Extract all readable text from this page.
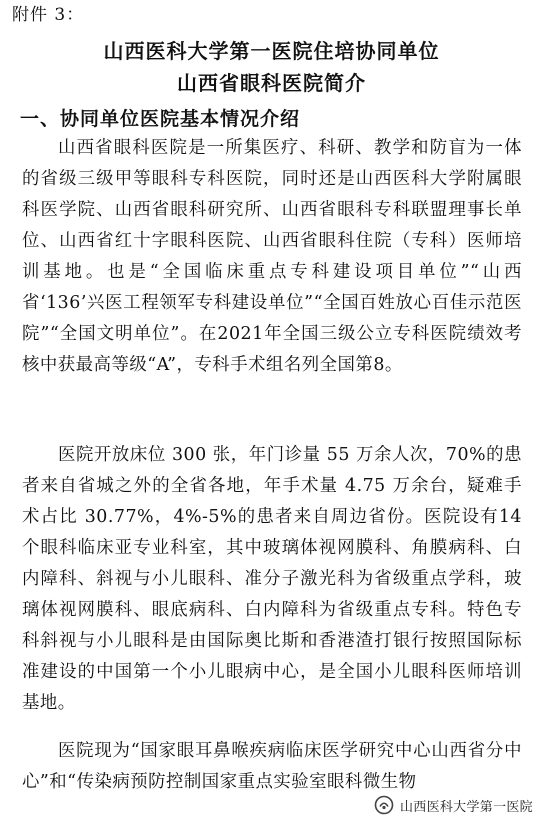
附件 3：
山西医科大学第一医院住培协同单位
山西省眼科医院简介
一、协同单位医院基本情况介绍

山西省眼科医院是一所集医疗、科研、教学和防盲为一体的省级三级甲等眼科专科医院，同时还是山西医科大学附属眼科医学院、山西省眼科研究所、山西省眼科专科联盟理事长单位、山西省红十字眼科医院、山西省眼科住院（专科）医师培训基地。也是“全国临床重点专科建设项目单位”“山西省‘136’兴医工程领军专科建设单位”“全国百姓放心百佳示范医院”“全国文明单位”。在2021年全国三级公立专科医院绩效考核中获最高等级“A”，专科手术组名列全国第8。

医院开放床位 300 张，年门诊量 55 万余人次，70%的患者来自省城之外的全省各地，年手术量 4.75 万余台，疑难手术占比 30.77%，4%-5%的患者来自周边省份。医院设有14个眼科临床亚专业科室，其中玻璃体视网膜科、角膜病科、白内障科、斜视与小儿眼科、准分子激光科为省级重点学科，玻璃体视网膜科、眼底病科、白内障科为省级重点专科。特色专科斜视与小儿眼科是由国际奥比斯和香港渣打银行按照国际标准建设的中国第一个小儿眼病中心，是全国小儿眼科医师培训基地。

医院现为“国家眼耳鼻喉疾病临床医学研究中心山西省分中心”和“传染病预防控制国家重点实验室眼科微生物

山西医科大学第一医院
